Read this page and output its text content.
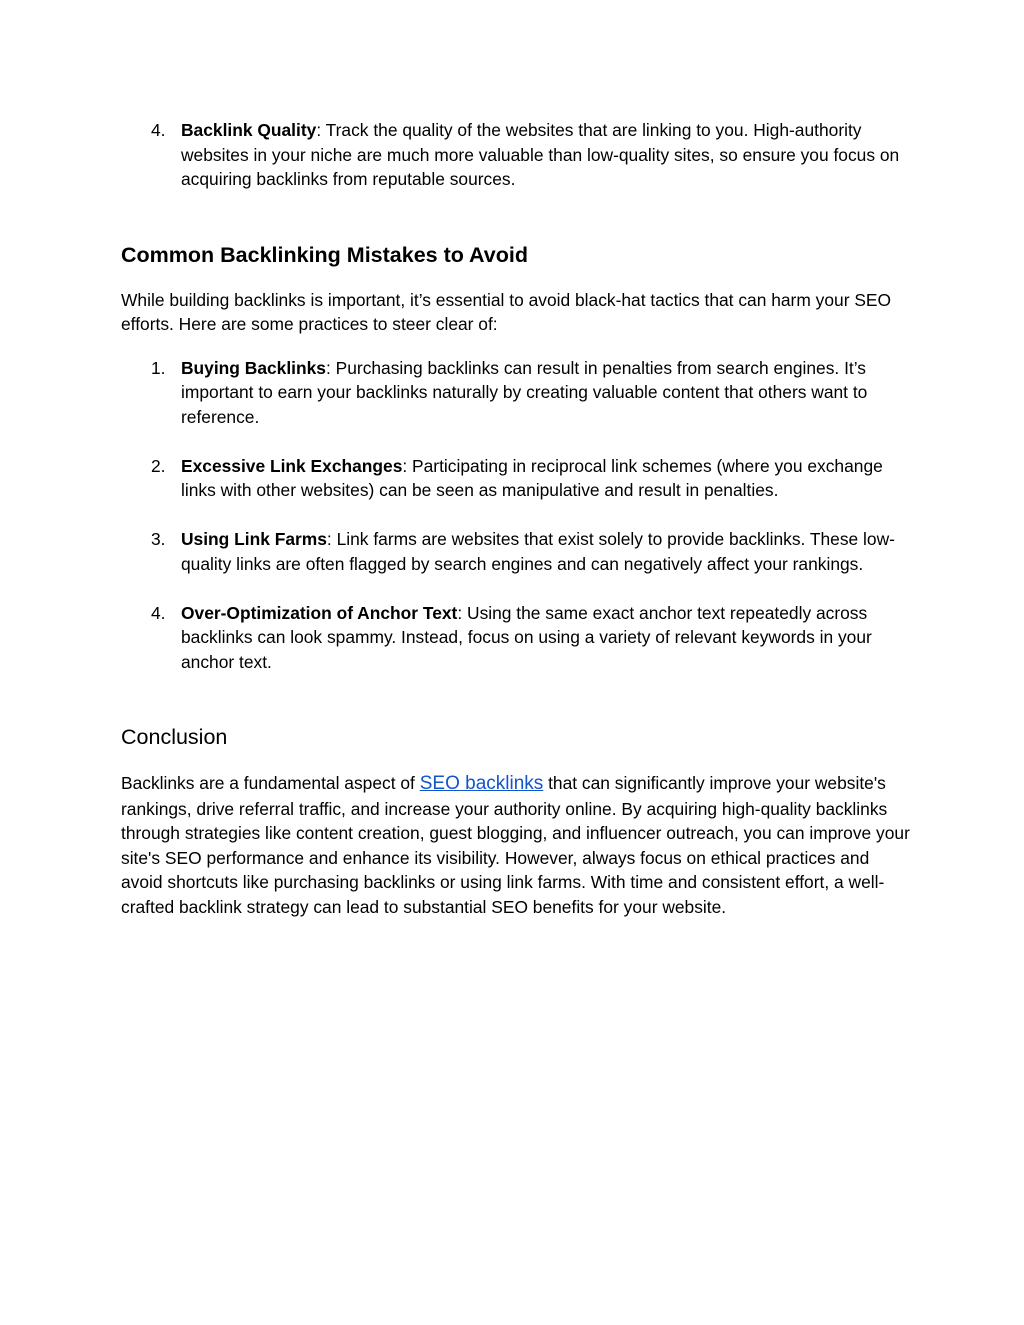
4. Backlink Quality: Track the quality of the websites that are linking to you. High-authority websites in your niche are much more valuable than low-quality sites, so ensure you focus on acquiring backlinks from reputable sources.
Common Backlinking Mistakes to Avoid

While building backlinks is important, it’s essential to avoid black-hat tactics that can harm your SEO efforts. Here are some practices to steer clear of:

1. Buying Backlinks: Purchasing backlinks can result in penalties from search engines. It’s important to earn your backlinks naturally by creating valuable content that others want to reference.
2. Excessive Link Exchanges: Participating in reciprocal link schemes (where you exchange links with other websites) can be seen as manipulative and result in penalties.
3. Using Link Farms: Link farms are websites that exist solely to provide backlinks. These low-quality links are often flagged by search engines and can negatively affect your rankings.
4. Over-Optimization of Anchor Text: Using the same exact anchor text repeatedly across backlinks can look spammy. Instead, focus on using a variety of relevant keywords in your anchor text.
Conclusion

Backlinks are a fundamental aspect of SEO backlinks that can significantly improve your website's rankings, drive referral traffic, and increase your authority online. By acquiring high-quality backlinks through strategies like content creation, guest blogging, and influencer outreach, you can improve your site's SEO performance and enhance its visibility. However, always focus on ethical practices and avoid shortcuts like purchasing backlinks or using link farms. With time and consistent effort, a well-crafted backlink strategy can lead to substantial SEO benefits for your website.
